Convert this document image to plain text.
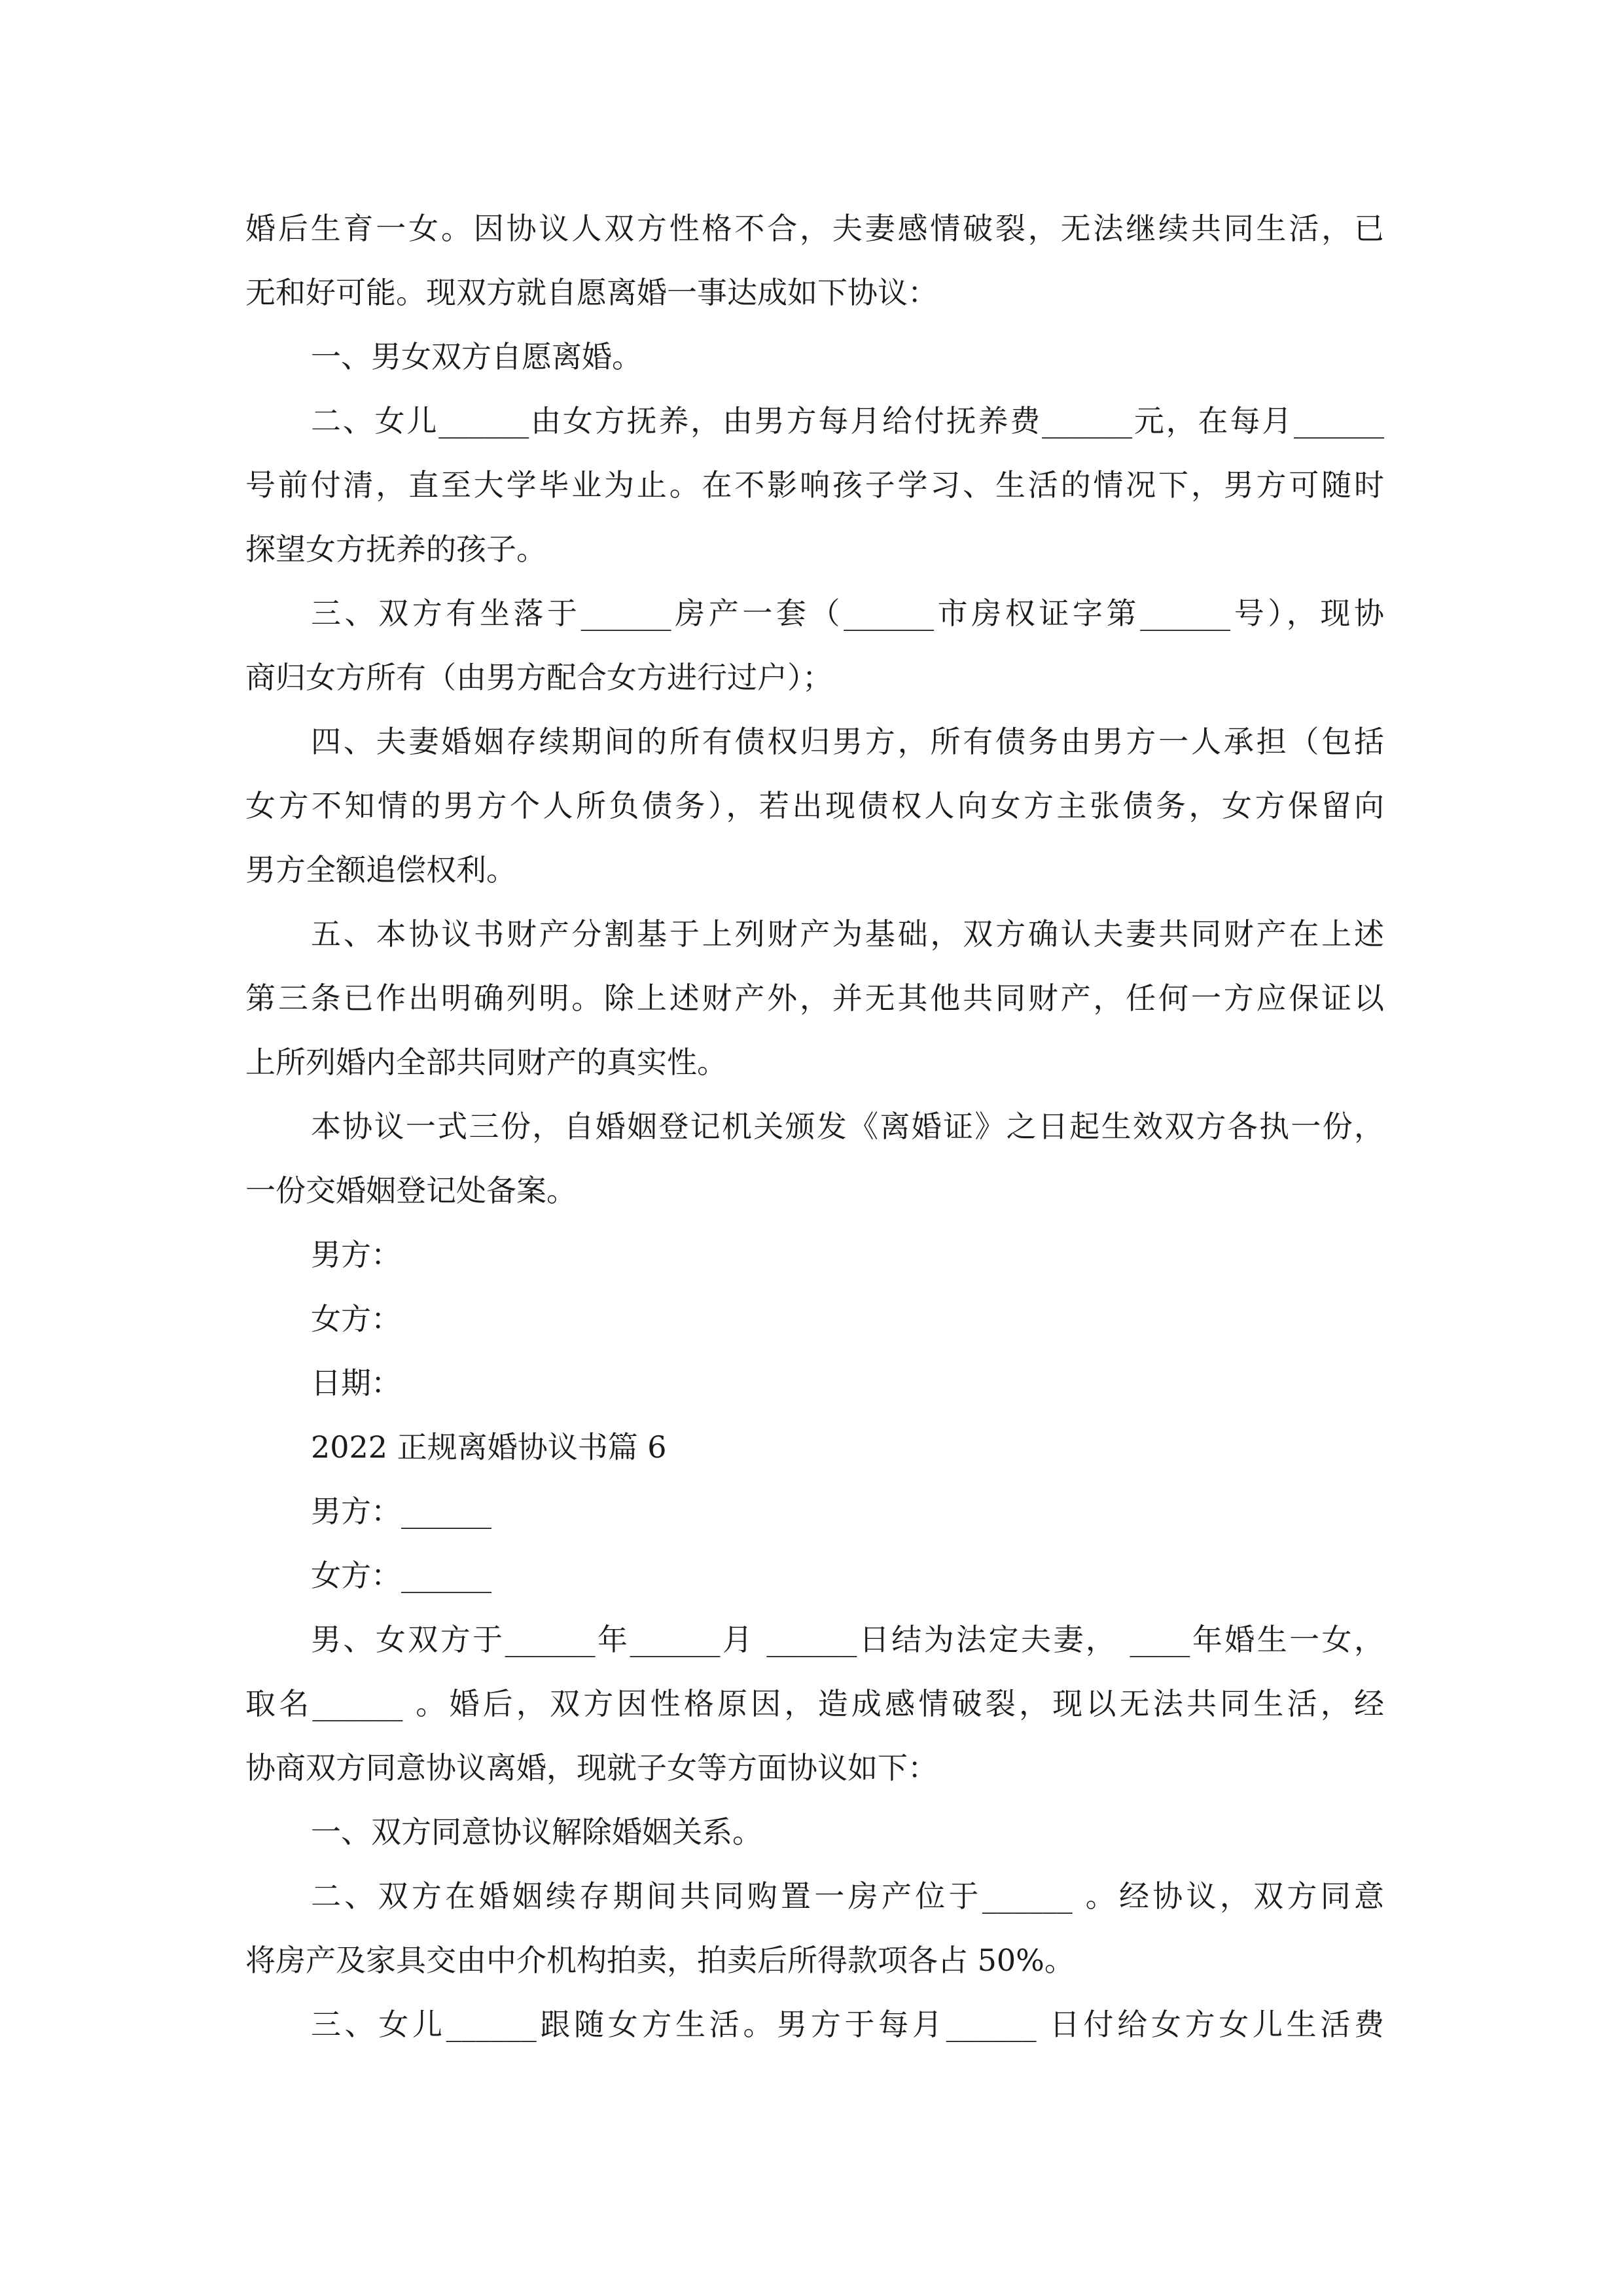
婚后生育一女。因协议人双方性格不合，夫妻感情破裂，无法继续共同生活，已
无和好可能。现双方就自愿离婚一事达成如下协议：
一、男女双方自愿离婚。
二、女儿______由女方抚养，由男方每月给付抚养费______元，在每月______
号前付清，直至大学毕业为止。在不影响孩子学习、生活的情况下，男方可随时
探望女方抚养的孩子。
三、双方有坐落于______房产一套（______市房权证字第______号），现协
商归女方所有（由男方配合女方进行过户）；
四、夫妻婚姻存续期间的所有债权归男方，所有债务由男方一人承担（包括
女方不知情的男方个人所负债务），若出现债权人向女方主张债务，女方保留向
男方全额追偿权利。
五、本协议书财产分割基于上列财产为基础，双方确认夫妻共同财产在上述
第三条已作出明确列明。除上述财产外，并无其他共同财产，任何一方应保证以
上所列婚内全部共同财产的真实性。
本协议一式三份，自婚姻登记机关颁发《离婚证》之日起生效双方各执一份，
一份交婚姻登记处备案。
男方：
女方：
日期：
2022 正规离婚协议书篇 6
男方：______
女方：______
男、女双方于______年______月 ______日结为法定夫妻， ____年婚生一女，
取名______ 。婚后，双方因性格原因，造成感情破裂，现以无法共同生活，经
协商双方同意协议离婚，现就子女等方面协议如下：
一、双方同意协议解除婚姻关系。
二、双方在婚姻续存期间共同购置一房产位于______ 。经协议，双方同意
将房产及家具交由中介机构拍卖，拍卖后所得款项各占 50%。
三、女儿______跟随女方生活。男方于每月______ 日付给女方女儿生活费
